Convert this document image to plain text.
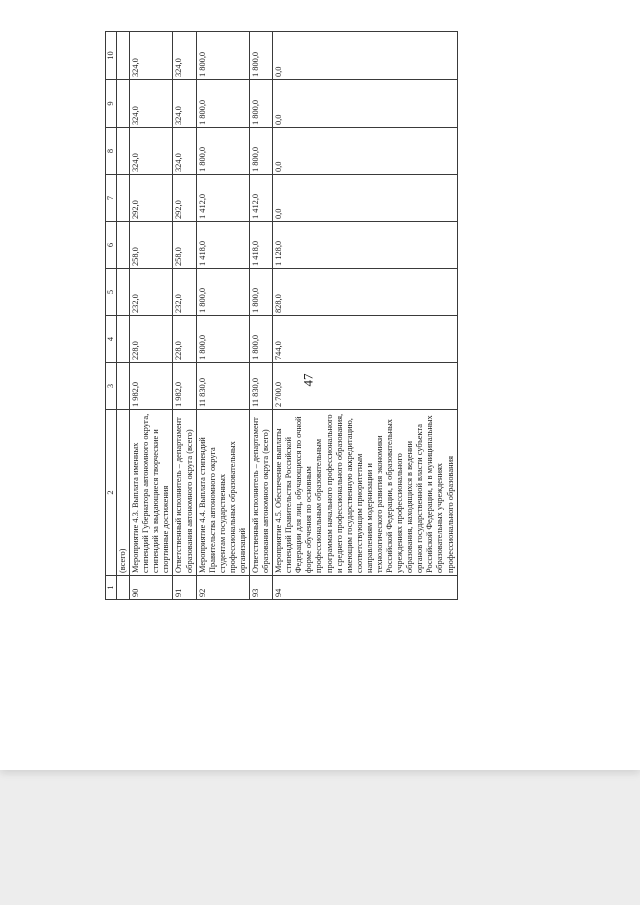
47
1	2	3	4	5	6	7	8	9	10
	(всего)								
90	Мероприятие 4.3. Выплата именных стипендий Губернатора автономного округа, стипендий за выдающиеся творческие и спортивные достижения	1 982,0	228,0	232,0	258,0	292,0	324,0	324,0	324,0
91	Ответственный исполнитель – департамент образования автономного округа (всего)	1 982,0	228,0	232,0	258,0	292,0	324,0	324,0	324,0
92	Мероприятие 4.4. Выплата стипендий Правительства автономного округа студентам государственных профессиональных образовательных организаций	11 830,0	1 800,0	1 800,0	1 418,0	1 412,0	1 800,0	1 800,0	1 800,0
93	Ответственный исполнитель – департамент образования автономного округа (всего)	11 830,0	1 800,0	1 800,0	1 418,0	1 412,0	1 800,0	1 800,0	1 800,0
94	Мероприятие 4.5. Обеспечение выплаты стипендий Правительства Российской Федерации для лиц, обучающихся по очной форме обучения по основным профессиональным образовательным программам начального профессионального и среднего профессионального образования, имеющим государственную аккредитацию, соответствующим приоритетным направлениям модернизации и технологического развития экономики Российской Федерации, в образовательных учреждениях профессионального образования, находящихся в ведении органов государственной власти субъекта Российской Федерации, и в муниципальных образовательных учреждениях профессионального образования	2 700,0	744,0	828,0	1 128,0	0,0	0,0	0,0	0,0
